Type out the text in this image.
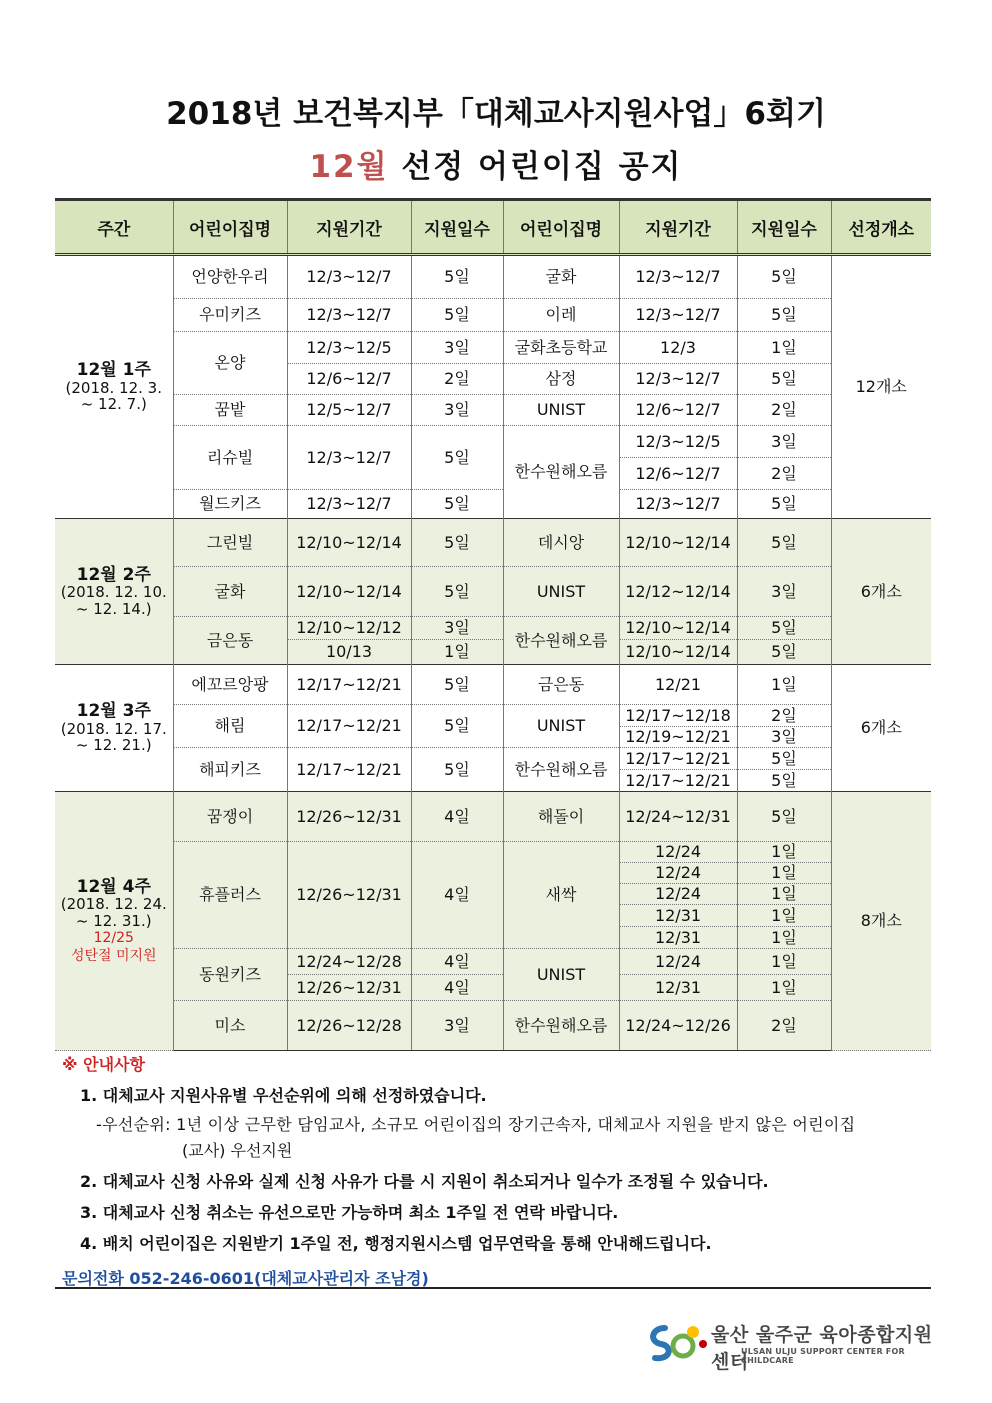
2018년 보건복지부「대체교사지원사업」6회기
12월 선정 어린이집 공지
주간	어린이집명	지원기간	지원일수	어린이집명	지원기간	지원일수	선정개소
12월 1주
(2018. 12. 3.
~ 12. 7.)	언양한우리	12/3~12/7	5일	굴화	12/3~12/7	5일	12개소
	우미키즈	12/3~12/7	5일	이레	12/3~12/7	5일	
	온양	12/3~12/5	3일	굴화초등학교	12/3	1일	
		12/6~12/7	2일	삼정	12/3~12/7	5일	
	꿈밭	12/5~12/7	3일	UNIST	12/6~12/7	2일	
	리슈빌	12/3~12/7	5일	한수원해오름	12/3~12/5	3일	
					12/6~12/7	2일	
	월드키즈	12/3~12/7	5일		12/3~12/7	5일	
12월 2주
(2018. 12. 10.
~ 12. 14.)	그린빌	12/10~12/14	5일	데시앙	12/10~12/14	5일	6개소
	굴화	12/10~12/14	5일	UNIST	12/12~12/14	3일	
	금은동	12/10~12/12	3일	한수원해오름	12/10~12/14	5일	
		10/13	1일		12/10~12/14	5일	
12월 3주
(2018. 12. 17.
~ 12. 21.)	에꼬르앙팡	12/17~12/21	5일	금은동	12/21	1일	6개소
	해림	12/17~12/21	5일	UNIST	12/17~12/18	2일	
					12/19~12/21	3일	
	해피키즈	12/17~12/21	5일	한수원해오름	12/17~12/21	5일	
					12/17~12/21	5일	
12월 4주
(2018. 12. 24.
~ 12. 31.)
12/25
성탄절 미지원	꿈쟁이	12/26~12/31	4일	해돌이	12/24~12/31	5일	8개소
	휴플러스	12/26~12/31	4일	새싹	12/24	1일	
					12/24	1일	
					12/24	1일	
					12/31	1일	
					12/31	1일	
	동원키즈	12/24~12/28	4일	UNIST	12/24	1일	
		12/26~12/31	4일		12/31	1일	
	미소	12/26~12/28	3일	한수원해오름	12/24~12/26	2일	
※ 안내사항
1. 대체교사 지원사유별 우선순위에 의해 선정하였습니다.
-우선순위: 1년 이상 근무한 담임교사, 소규모 어린이집의 장기근속자, 대체교사 지원을 받지 않은 어린이집
(교사) 우선지원
2. 대체교사 신청 사유와 실제 신청 사유가 다를 시 지원이 취소되거나 일수가 조정될 수 있습니다.
3. 대체교사 신청 취소는 유선으로만 가능하며 최소 1주일 전 연락 바랍니다.
4. 배치 어린이집은 지원받기 1주일 전, 행정지원시스템 업무연락을 통해 안내해드립니다.
문의전화 052-246-0601(대체교사관리자 조남경)
울산 울주군 육아종합지원센터
ULSAN ULJU SUPPORT CENTER FOR CHILDCARE
